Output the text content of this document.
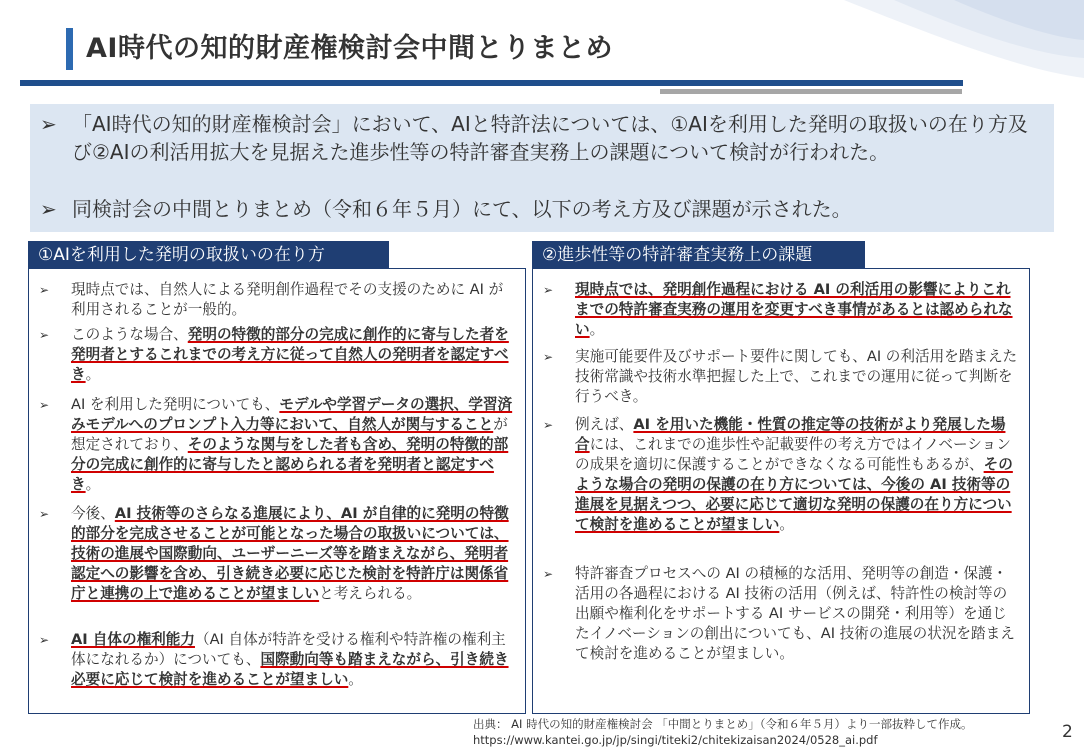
AI時代の知的財産権検討会中間とりまとめ
➢ 「AI時代の知的財産権検討会」において、AIと特許法については、①AIを利用した発明の取扱いの在り方及び②AIの利活用拡大を見据えた進歩性等の特許審査実務上の課題について検討が行われた。
➢ 同検討会の中間とりまとめ（令和６年５月）にて、以下の考え方及び課題が示された。
①AIを利用した発明の取扱いの在り方
➢ 現時点では、自然人による発明創作過程でその支援のために AI が利用されることが一般的。
➢ このような場合、発明の特徴的部分の完成に創作的に寄与した者を発明者とするこれまでの考え方に従って自然人の発明者を認定すべき。
➢ AI を利用した発明についても、モデルや学習データの選択、学習済みモデルへのプロンプト入力等において、自然人が関与することが想定されており、そのような関与をした者も含め、発明の特徴的部分の完成に創作的に寄与したと認められる者を発明者と認定すべき。
➢ 今後、AI 技術等のさらなる進展により、AI が自律的に発明の特徴的部分を完成させることが可能となった場合の取扱いについては、技術の進展や国際動向、ユーザーニーズ等を踏まえながら、発明者認定への影響を含め、引き続き必要に応じた検討を特許庁は関係省庁と連携の上で進めることが望ましいと考えられる。
➢ AI 自体の権利能力（AI 自体が特許を受ける権利や特許権の権利主体になれるか）についても、国際動向等も踏まえながら、引き続き必要に応じて検討を進めることが望ましい。
②進歩性等の特許審査実務上の課題
➢ 現時点では、発明創作過程における AI の利活用の影響によりこれまでの特許審査実務の運用を変更すべき事情があるとは認められない。
➢ 実施可能要件及びサポート要件に関しても、AI の利活用を踏まえた技術常識や技術水準把握した上で、これまでの運用に従って判断を行うべき。
➢ 例えば、AI を用いた機能・性質の推定等の技術がより発展した場合には、これまでの進歩性や記載要件の考え方ではイノベーションの成果を適切に保護することができなくなる可能性もあるが、そのような場合の発明の保護の在り方については、今後の AI 技術等の進展を見据えつつ、必要に応じて適切な発明の保護の在り方について検討を進めることが望ましい。
➢ 特許審査プロセスへの AI の積極的な活用、発明等の創造・保護・活用の各過程における AI 技術の活用（例えば、特許性の検討等の出願や権利化をサポートする AI サービスの開発・利用等）を通じたイノベーションの創出についても、AI 技術の進展の状況を踏まえて検討を進めることが望ましい。
出典： AI 時代の知的財産権検討会 「中間とりまとめ」（令和６年５月）より一部抜粋して作成。
https://www.kantei.go.jp/jp/singi/titeki2/chitekizaisan2024/0528_ai.pdf	2
